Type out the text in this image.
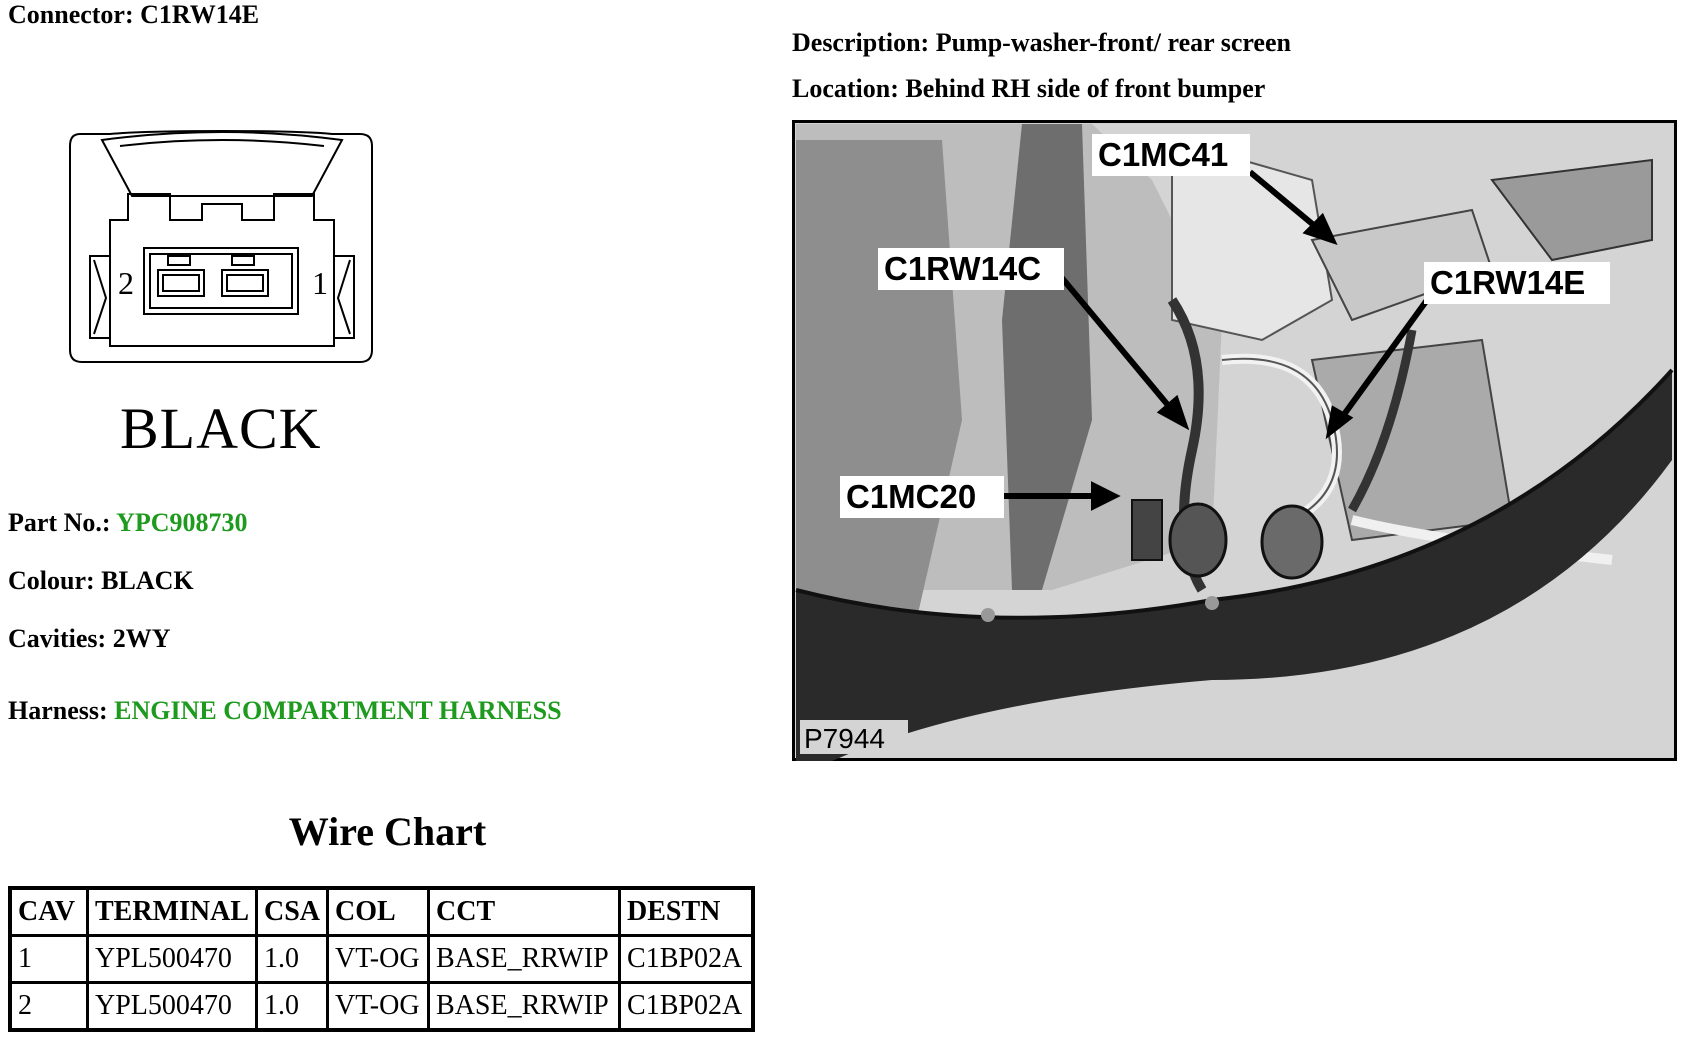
Connector: C1RW14E
Description: Pump-washer-front/ rear screen
Location: Behind RH side of front bumper
2	1
BLACK
Part No.: YPC908730
Colour: BLACK
Cavities: 2WY
Harness: ENGINE COMPARTMENT HARNESS
C1MC41
C1RW14C	C1RW14E
C1MC20
P7944
Wire Chart
CAV	TERMINAL	CSA	COL	CCT	DESTN
1	YPL500470	1.0	VT-OG	BASE_RRWIP	C1BP02A
2	YPL500470	1.0	VT-OG	BASE_RRWIP	C1BP02A
